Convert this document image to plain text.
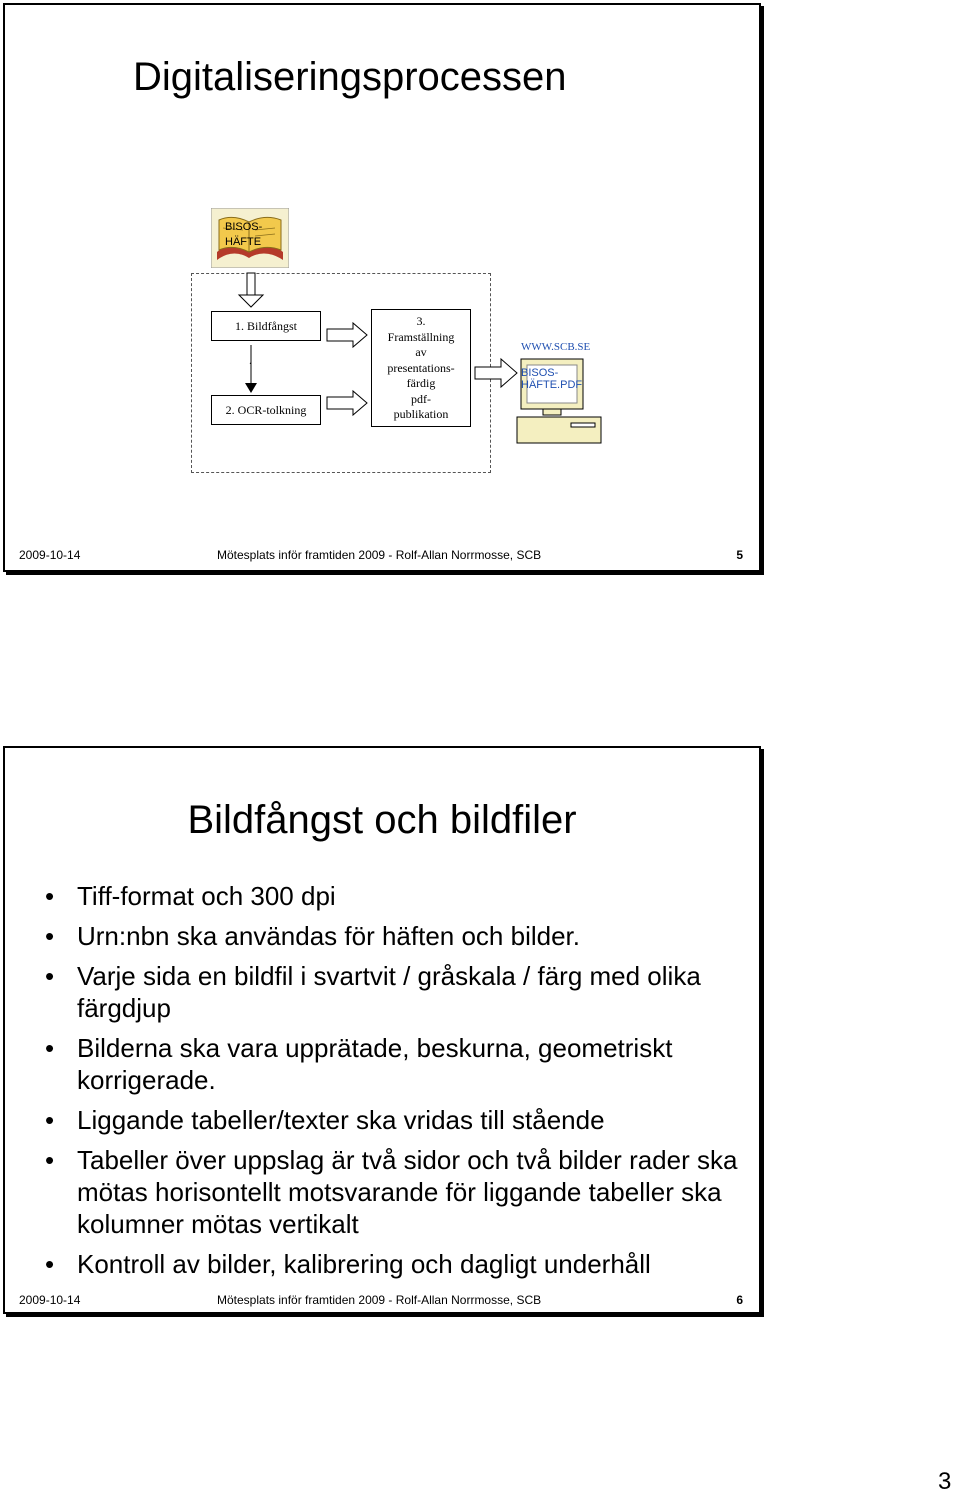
Digitaliseringsprocessen
BISOS-
HÄFTE
1. Bildfångst
.
2. OCR-tolkning
3.
Framställning
av
presentations-
färdig
pdf-
publikation
WWW.SCB.SE
BISOS-
HÄFTE.PDF
2009-10-14	Mötesplats inför framtiden 2009 - Rolf-Allan Norrmosse, SCB	5
Bildfångst och bildfiler
• Tiff-format och 300 dpi
• Urn:nbn ska användas för häften och bilder.
• Varje sida en bildfil i svartvit / gråskala / färg med olika färgdjup
• Bilderna ska vara upprätade, beskurna, geometriskt korrigerade.
• Liggande tabeller/texter ska vridas till stående
• Tabeller över uppslag är två sidor och två bilder rader ska mötas horisontellt motsvarande för liggande tabeller ska kolumner mötas vertikalt
• Kontroll av bilder, kalibrering och dagligt underhåll
2009-10-14	Mötesplats inför framtiden 2009 - Rolf-Allan Norrmosse, SCB	6
3
